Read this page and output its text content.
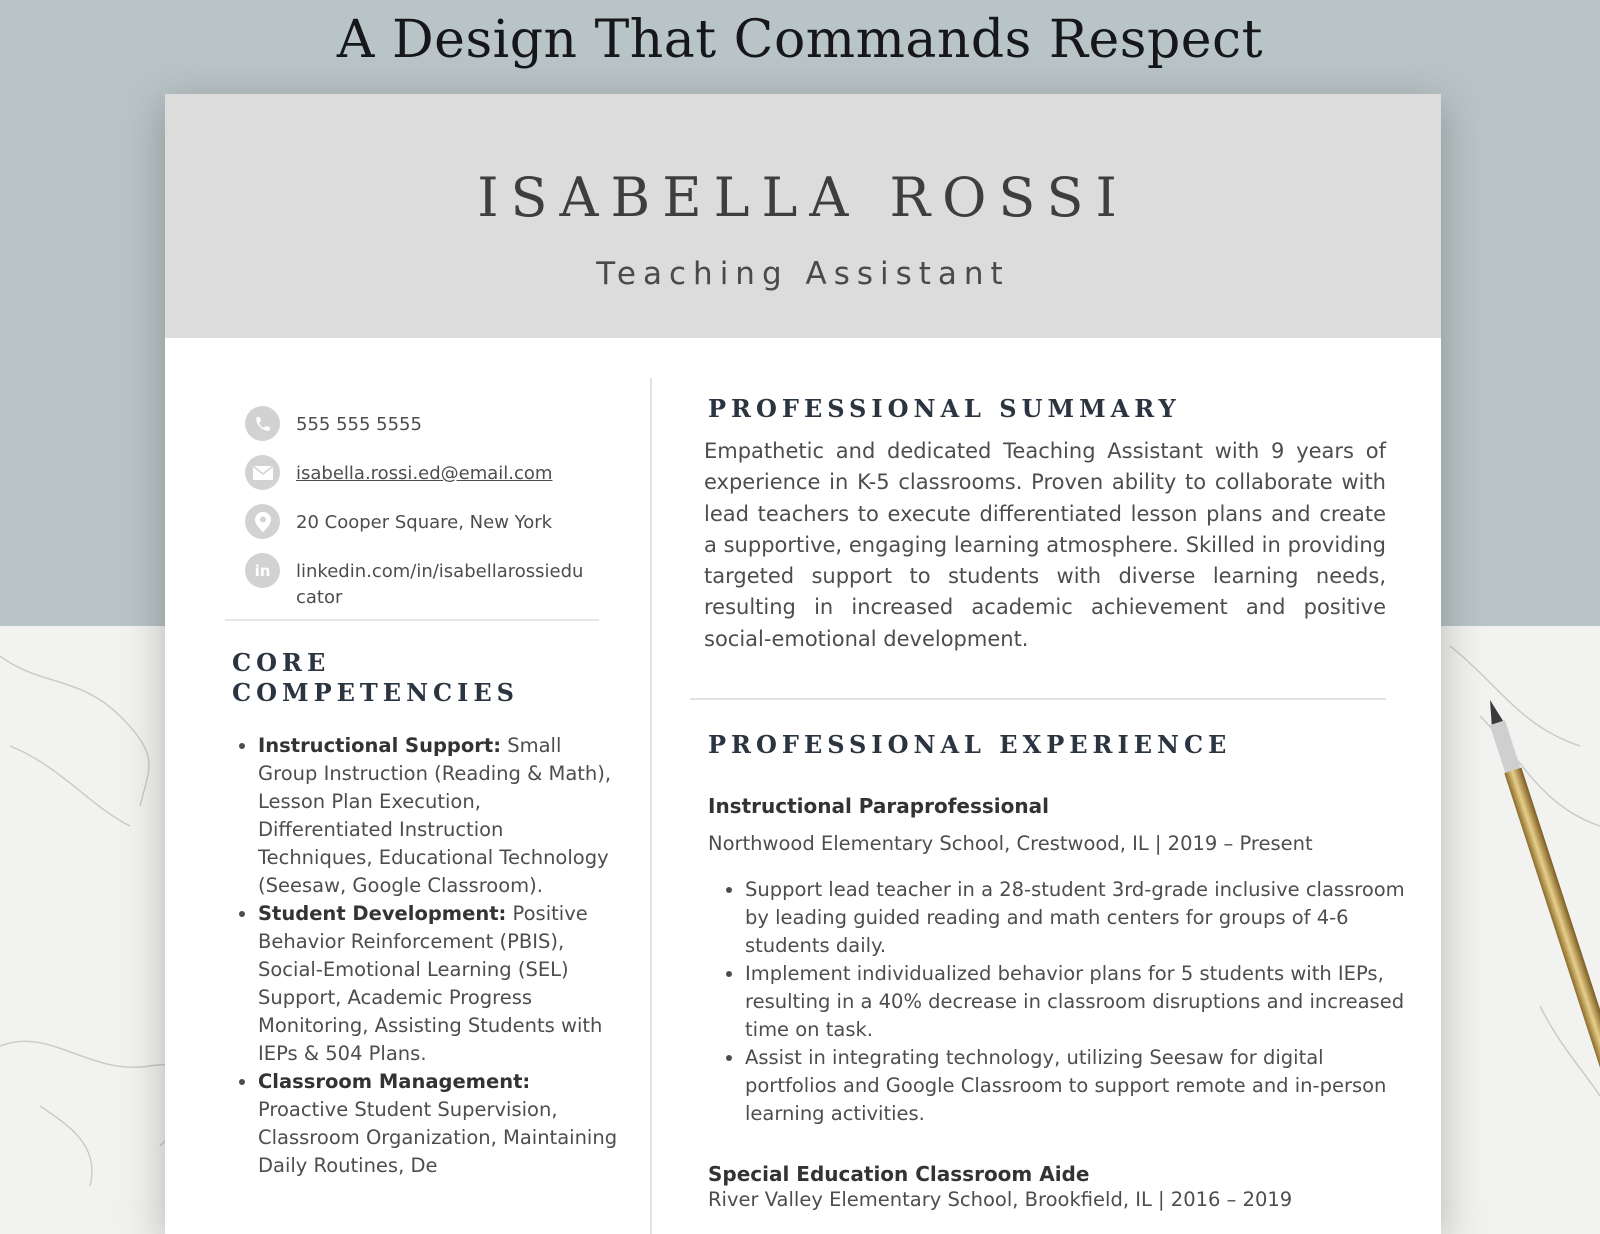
A Design That Commands Respect
ISABELLA ROSSI
Teaching Assistant
555 555 5555
isabella.rossi.ed@email.com
20 Cooper Square, New York
in linkedin.com/in/isabellarossiedu
cator
CORE
COMPETENCIES
• Instructional Support: Small Group Instruction (Reading & Math), Lesson Plan Execution, Differentiated Instruction Techniques, Educational Technology (Seesaw, Google Classroom).
• Student Development: Positive Behavior Reinforcement (PBIS), Social-Emotional Learning (SEL) Support, Academic Progress Monitoring, Assisting Students with IEPs & 504 Plans.
• Classroom Management: Proactive Student Supervision, Classroom Organization, Maintaining Daily Routines, De
PROFESSIONAL SUMMARY
Empathetic and dedicated Teaching Assistant with 9 years of experience in K-5 classrooms. Proven ability to collaborate with lead teachers to execute differentiated lesson plans and create a supportive, engaging learning atmosphere. Skilled in providing targeted support to students with diverse learning needs, resulting in increased academic achievement and positive social-emotional development.
PROFESSIONAL EXPERIENCE
Instructional Paraprofessional
Northwood Elementary School, Crestwood, IL | 2019 – Present
• Support lead teacher in a 28-student 3rd-grade inclusive classroom by leading guided reading and math centers for groups of 4-6 students daily.
• Implement individualized behavior plans for 5 students with IEPs, resulting in a 40% decrease in classroom disruptions and increased time on task.
• Assist in integrating technology, utilizing Seesaw for digital portfolios and Google Classroom to support remote and in-person learning activities.
Special Education Classroom Aide
River Valley Elementary School, Brookfield, IL | 2016 – 2019
